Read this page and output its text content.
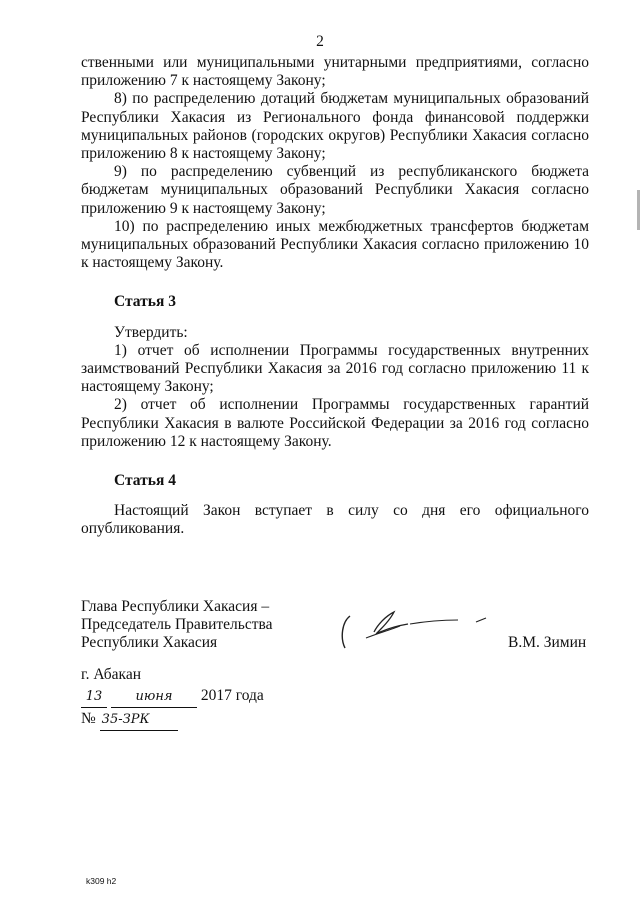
2

ственными или муниципальными унитарными предприятиями, согласно приложению 7 к настоящему Закону;

8) по распределению дотаций бюджетам муниципальных образований Республики Хакасия из Регионального фонда финансовой поддержки муниципальных районов (городских округов) Республики Хакасия согласно приложению 8 к настоящему Закону;

9) по распределению субвенций из республиканского бюджета бюджетам муниципальных образований Республики Хакасия согласно приложению 9 к настоящему Закону;

10) по распределению иных межбюджетных трансфертов бюджетам муниципальных образований Республики Хакасия согласно приложению 10 к настоящему Закону.

Статья 3

Утвердить:

1) отчет об исполнении Программы государственных внутренних заимствований Республики Хакасия за 2016 год согласно приложению 11 к настоящему Закону;

2) отчет об исполнении Программы государственных гарантий Республики Хакасия в валюте Российской Федерации за 2016 год согласно приложению 12 к настоящему Закону.

Статья 4

Настоящий Закон вступает в силу со дня его официального опубликования.

Глава Республики Хакасия –

Председатель Правительства

Республики Хакасия	В.М. Зимин

г. Абакан

13	июня 2017 года

№ 35-ЗРК

k309 h2
